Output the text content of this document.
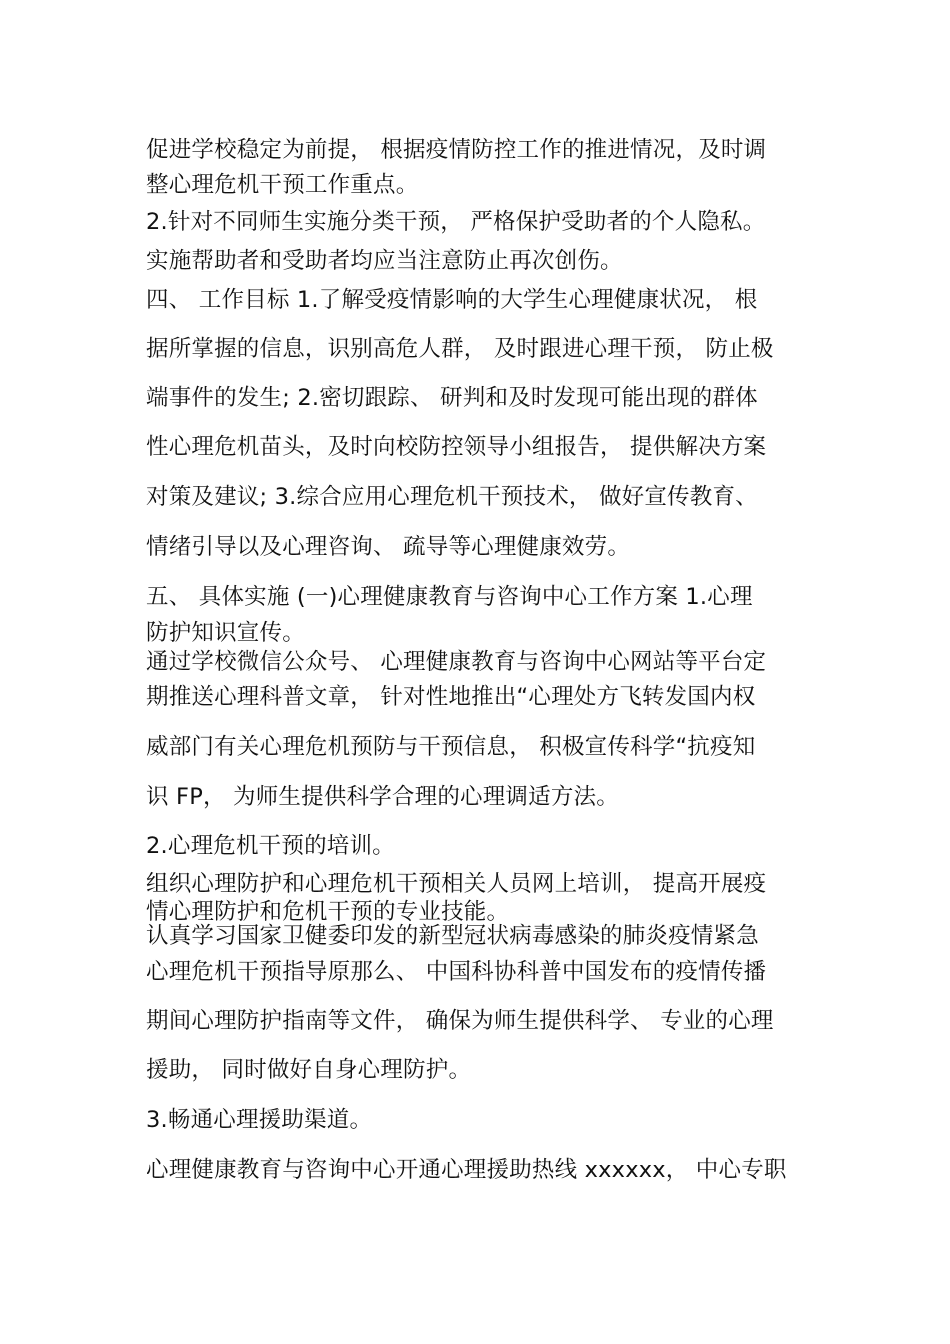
促进学校稳定为前提， 根据疫情防控工作的推进情况，及时调
整心理危机干预工作重点。
2.针对不同师生实施分类干预， 严格保护受助者的个人隐私。
实施帮助者和受助者均应当注意防止再次创伤。
四、 工作目标 1.了解受疫情影响的大学生心理健康状况， 根
据所掌握的信息，识别高危人群， 及时跟进心理干预， 防止极
端事件的发生; 2.密切跟踪、 研判和及时发现可能出现的群体
性心理危机苗头，及时向校防控领导小组报告， 提供解决方案
对策及建议; 3.综合应用心理危机干预技术， 做好宣传教育、
情绪引导以及心理咨询、 疏导等心理健康效劳。
五、 具体实施 (一)心理健康教育与咨询中心工作方案 1.心理
防护知识宣传。
通过学校微信公众号、 心理健康教育与咨询中心网站等平台定
期推送心理科普文章， 针对性地推出“心理处方飞转发国内权
威部门有关心理危机预防与干预信息， 积极宣传科学“抗疫知
识 FP， 为师生提供科学合理的心理调适方法。
2.心理危机干预的培训。
组织心理防护和心理危机干预相关人员网上培训， 提高开展疫
情心理防护和危机干预的专业技能。
认真学习国家卫健委印发的新型冠状病毒感染的肺炎疫情紧急
心理危机干预指导原那么、 中国科协科普中国发布的疫情传播
期间心理防护指南等文件， 确保为师生提供科学、 专业的心理
援助， 同时做好自身心理防护。
3.畅通心理援助渠道。
心理健康教育与咨询中心开通心理援助热线 xxxxxx， 中心专职
